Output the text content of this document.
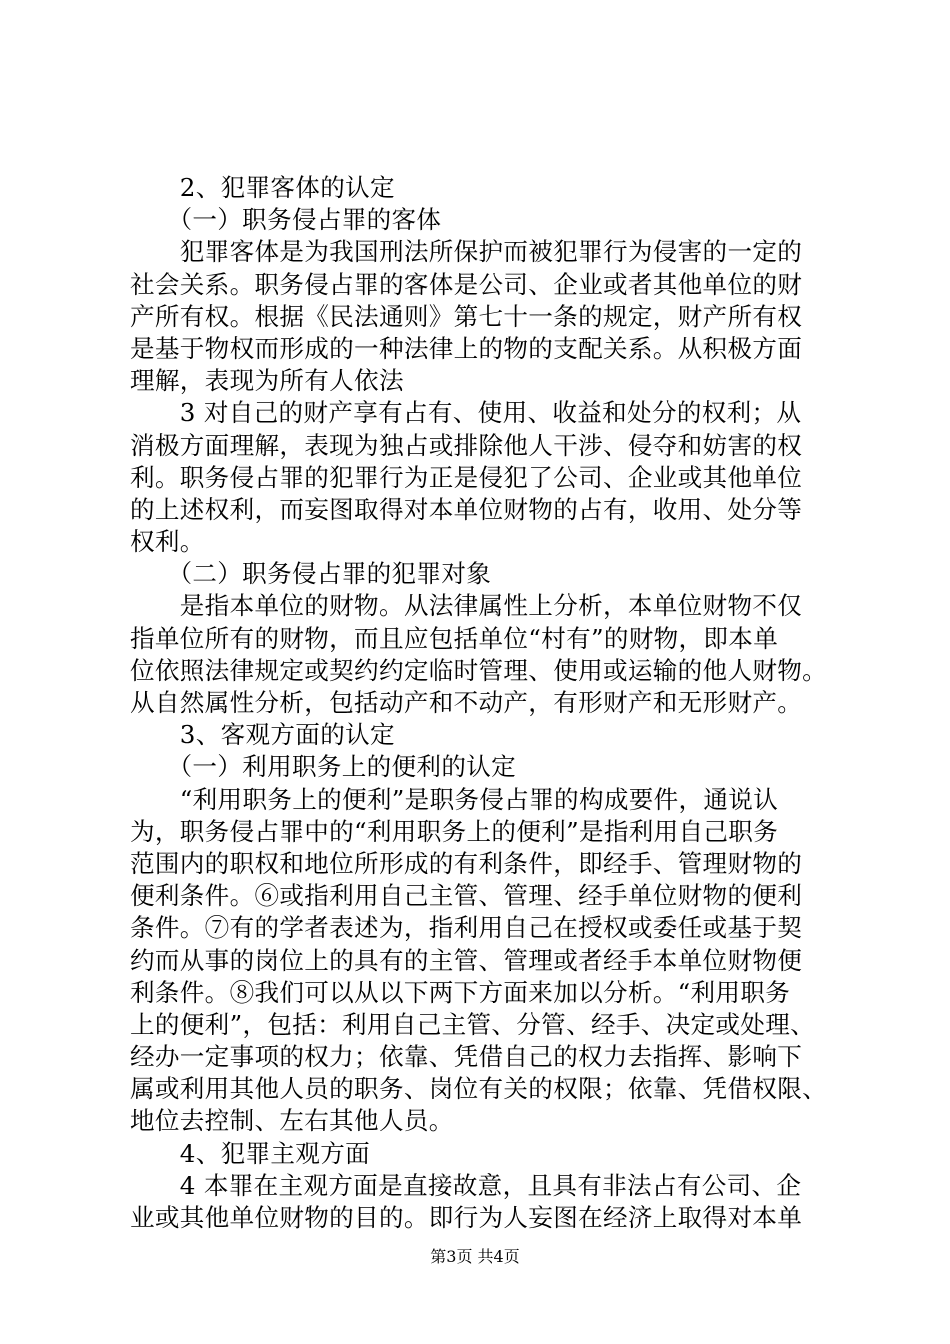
　　2、犯罪客体的认定
　　（一）职务侵占罪的客体
　　犯罪客体是为我国刑法所保护而被犯罪行为侵害的一定的
社会关系。职务侵占罪的客体是公司、企业或者其他单位的财
产所有权。根据《民法通则》第七十一条的规定，财产所有权
是基于物权而形成的一种法律上的物的支配关系。从积极方面
理解，表现为所有人依法
　　3 对自己的财产享有占有、使用、收益和处分的权利；从
消极方面理解，表现为独占或排除他人干涉、侵夺和妨害的权
利。职务侵占罪的犯罪行为正是侵犯了公司、企业或其他单位
的上述权利，而妄图取得对本单位财物的占有，收用、处分等
权利。
　　（二）职务侵占罪的犯罪对象
　　是指本单位的财物。从法律属性上分析，本单位财物不仅
指单位所有的财物，而且应包括单位“村有”的财物，即本单
位依照法律规定或契约约定临时管理、使用或运输的他人财物。
从自然属性分析，包括动产和不动产，有形财产和无形财产。
　　3、客观方面的认定
　　（一）利用职务上的便利的认定
　　“利用职务上的便利”是职务侵占罪的构成要件，通说认
为，职务侵占罪中的“利用职务上的便利”是指利用自己职务
范围内的职权和地位所形成的有利条件，即经手、管理财物的
便利条件。⑥或指利用自己主管、管理、经手单位财物的便利
条件。⑦有的学者表述为，指利用自己在授权或委任或基于契
约而从事的岗位上的具有的主管、管理或者经手本单位财物便
利条件。⑧我们可以从以下两下方面来加以分析。“利用职务
上的便利”，包括：利用自己主管、分管、经手、决定或处理、
经办一定事项的权力；依靠、凭借自己的权力去指挥、影响下
属或利用其他人员的职务、岗位有关的权限；依靠、凭借权限、
地位去控制、左右其他人员。
　　4、犯罪主观方面
　　4 本罪在主观方面是直接故意，且具有非法占有公司、企
业或其他单位财物的目的。即行为人妄图在经济上取得对本单
第3页 共4页
